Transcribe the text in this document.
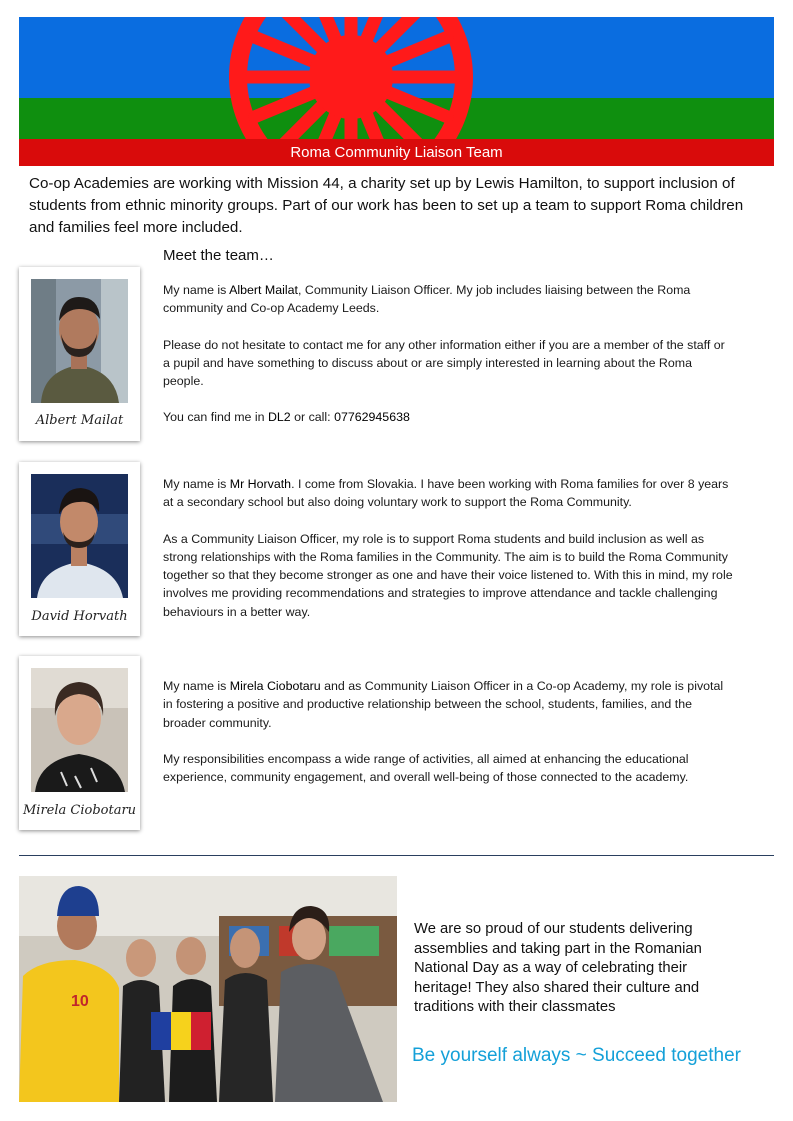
Roma Community Liaison Team
Co-op Academies are working with Mission 44, a charity set up by Lewis Hamilton, to support inclusion of students from ethnic minority groups. Part of our work has been to set up a team to support Roma children and families feel more included.
Meet the team…
Albert Mailat

My name is Albert Mailat, Community Liaison Officer. My job includes liaising between the Roma community and Co-op Academy Leeds.

Please do not hesitate to contact me for any other information either if you are a member of the staff or a pupil and have something to discuss about or are simply interested in learning about the Roma people.

You can find me in DL2 or call: 07762945638

David Horvath

My name is Mr Horvath. I come from Slovakia. I have been working with Roma families for over 8 years at a secondary school but also doing voluntary work to support the Roma Community.

As a Community Liaison Officer, my role is to support Roma students and build inclusion as well as strong relationships with the Roma families in the Community. The aim is to build the Roma Community together so that they become stronger as one and have their voice listened to. With this in mind, my role involves me providing recommendations and strategies to improve attendance and tackle challenging behaviours in a better way.

Mirela Ciobotaru

My name is Mirela Ciobotaru and as Community Liaison Officer in a Co-op Academy, my role is pivotal in fostering a positive and productive relationship between the school, students, families, and the broader community.

My responsibilities encompass a wide range of activities, all aimed at enhancing the educational experience, community engagement, and overall well-being of those connected to the academy.

10
We are so proud of our students delivering assemblies and taking part in the Romanian National Day as a way of celebrating their heritage! They also shared their culture and traditions with their classmates
Be yourself always ~ Succeed together
